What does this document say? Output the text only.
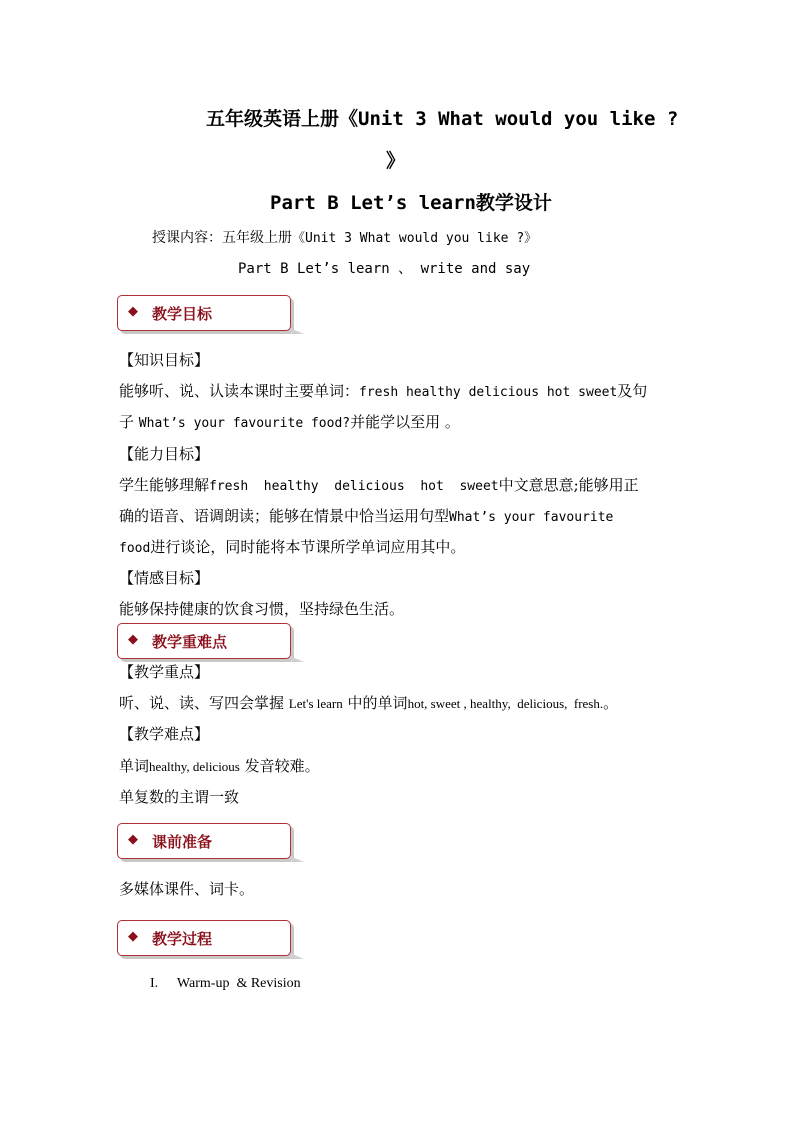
五年级英语上册《Unit 3 What would you like ?
》
Part B Let’s learn教学设计
授课内容：五年级上册《Unit 3 What would you like ?》
Part B Let’s learn 、 write and say
◆ 教学目标
【知识目标】
能够听、说、认读本课时主要单词：fresh healthy delicious hot sweet及句
子 What’s your favourite food?并能学以至用 。
【能力目标】
学生能够理解fresh  healthy  delicious  hot  sweet中文意思意;能够用正
确的语音、语调朗读；能够在情景中恰当运用句型What’s your favourite
food进行谈论，同时能将本节课所学单词应用其中。
【情感目标】
能够保持健康的饮食习惯，坚持绿色生活。
◆ 教学重难点
【教学重点】
听、说、读、写四会掌握 Let's learn 中的单词hot, sweet , healthy,  delicious,  fresh.。
【教学难点】
单词healthy, delicious 发音较难。
单复数的主谓一致
◆ 课前准备
多媒体课件、词卡。
◆ 教学过程
I. Warm-up  & Revision
